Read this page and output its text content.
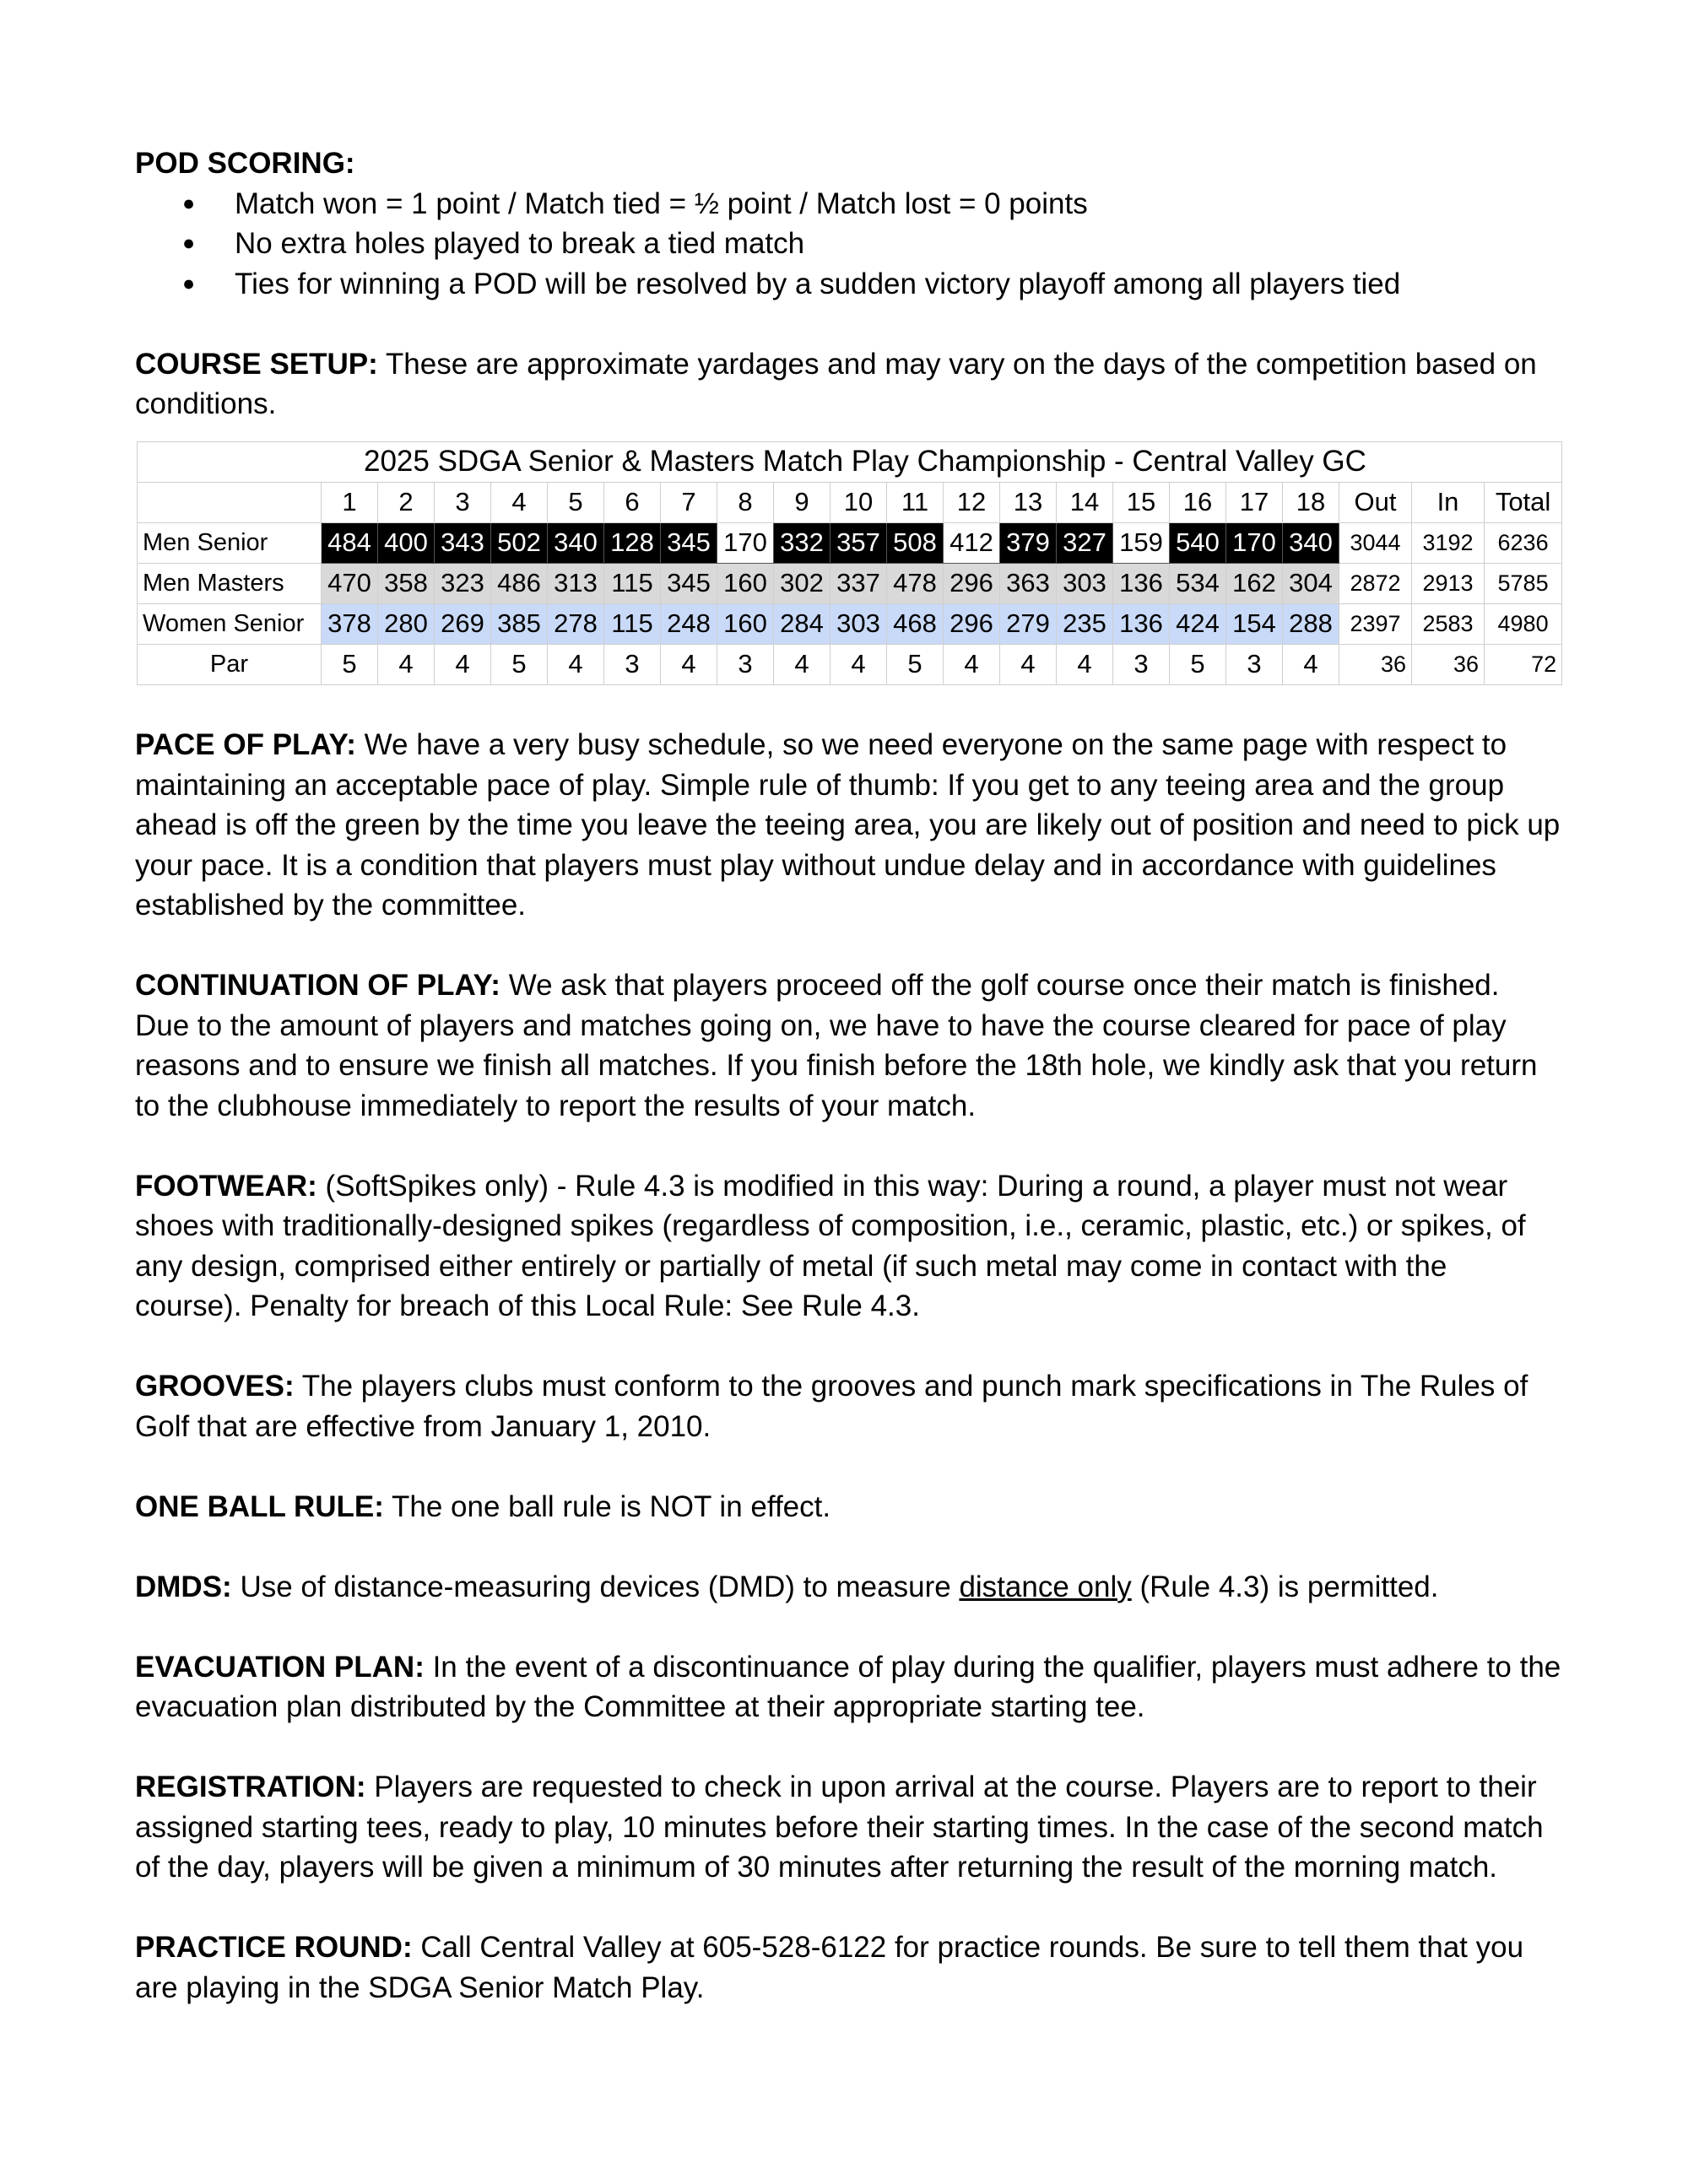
POD SCORING:

● Match won = 1 point / Match tied = ½ point / Match lost = 0 points
● No extra holes played to break a tied match
● Ties for winning a POD will be resolved by a sudden victory playoff among all players tied

COURSE SETUP: These are approximate yardages and may vary on the days of the competition based on conditions.

2025 SDGA Senior & Masters Match Play Championship - Central Valley GC																					
	1	2	3	4	5	6	7	8	9	10	11	12	13	14	15	16	17	18	Out	In	Total
Men Senior	484	400	343	502	340	128	345	170	332	357	508	412	379	327	159	540	170	340	3044	3192	6236
Men Masters	470	358	323	486	313	115	345	160	302	337	478	296	363	303	136	534	162	304	2872	2913	5785
Women Senior	378	280	269	385	278	115	248	160	284	303	468	296	279	235	136	424	154	288	2397	2583	4980
Par	5	4	4	5	4	3	4	3	4	4	5	4	4	4	3	5	3	4	36	36	72

PACE OF PLAY: We have a very busy schedule, so we need everyone on the same page with respect to maintaining an acceptable pace of play. Simple rule of thumb: If you get to any teeing area and the group ahead is off the green by the time you leave the teeing area, you are likely out of position and need to pick up your pace. It is a condition that players must play without undue delay and in accordance with guidelines established by the committee.

CONTINUATION OF PLAY: We ask that players proceed off the golf course once their match is finished. Due to the amount of players and matches going on, we have to have the course cleared for pace of play reasons and to ensure we finish all matches. If you finish before the 18th hole, we kindly ask that you return to the clubhouse immediately to report the results of your match.

FOOTWEAR: (SoftSpikes only) - Rule 4.3 is modified in this way: During a round, a player must not wear shoes with traditionally-designed spikes (regardless of composition, i.e., ceramic, plastic, etc.) or spikes, of any design, comprised either entirely or partially of metal (if such metal may come in contact with the course). Penalty for breach of this Local Rule: See Rule 4.3.

GROOVES: The players clubs must conform to the grooves and punch mark specifications in The Rules of Golf that are effective from January 1, 2010.

ONE BALL RULE: The one ball rule is NOT in effect.

DMDS: Use of distance-measuring devices (DMD) to measure distance only (Rule 4.3) is permitted.

EVACUATION PLAN: In the event of a discontinuance of play during the qualifier, players must adhere to the evacuation plan distributed by the Committee at their appropriate starting tee.

REGISTRATION: Players are requested to check in upon arrival at the course. Players are to report to their assigned starting tees, ready to play, 10 minutes before their starting times. In the case of the second match of the day, players will be given a minimum of 30 minutes after returning the result of the morning match.

PRACTICE ROUND: Call Central Valley at 605-528-6122 for practice rounds. Be sure to tell them that you are playing in the SDGA Senior Match Play.
